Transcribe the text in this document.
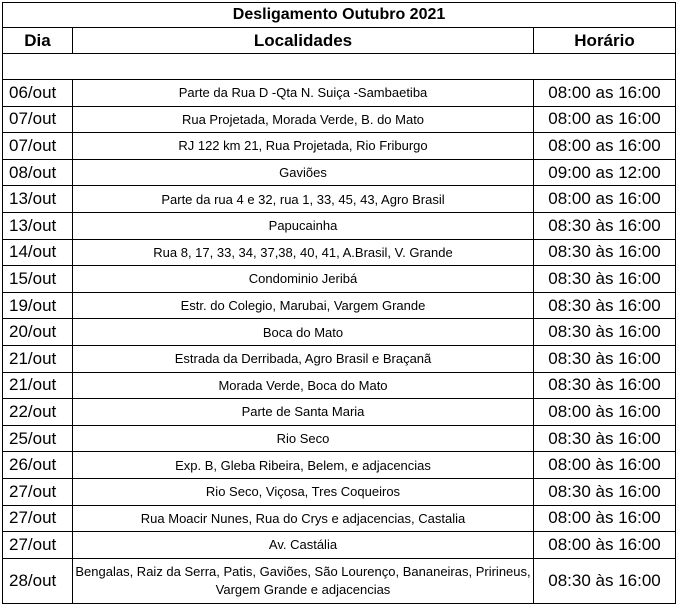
Desligamento Outubro 2021		
Dia	Localidades	Horário

06/out	Parte da Rua D -Qta N. Suiça -Sambaetiba	08:00 as 16:00
07/out	Rua Projetada, Morada Verde, B. do Mato	08:00 as 16:00
07/out	RJ 122 km 21, Rua Projetada, Rio Friburgo	08:00 as 16:00
08/out	Gaviões	09:00 as 12:00
13/out	Parte da rua 4 e 32, rua 1, 33, 45, 43, Agro Brasil	08:00 as 16:00
13/out	Papucainha	08:30 às 16:00
14/out	Rua 8, 17, 33, 34, 37,38, 40, 41, A.Brasil, V. Grande	08:30 às 16:00
15/out	Condominio Jeribá	08:30 às 16:00
19/out	Estr. do Colegio, Marubai, Vargem Grande	08:30 às 16:00
20/out	Boca do Mato	08:30 às 16:00
21/out	Estrada da Derribada, Agro Brasil e Braçanã	08:30 às 16:00
21/out	Morada Verde, Boca do Mato	08:30 às 16:00
22/out	Parte de Santa Maria	08:00 às 16:00
25/out	Rio Seco	08:30 às 16:00
26/out	Exp. B, Gleba Ribeira, Belem, e adjacencias	08:00 às 16:00
27/out	Rio Seco, Viçosa, Tres Coqueiros	08:30 às 16:00
27/out	Rua Moacir Nunes, Rua do Crys e adjacencias, Castalia	08:00 às 16:00
27/out	Av. Castália	08:00 às 16:00
28/out	Bengalas, Raiz da Serra, Patis, Gaviões, São Lourenço, Bananeiras, Pririneus, Vargem Grande e adjacencias	08:30 às 16:00
